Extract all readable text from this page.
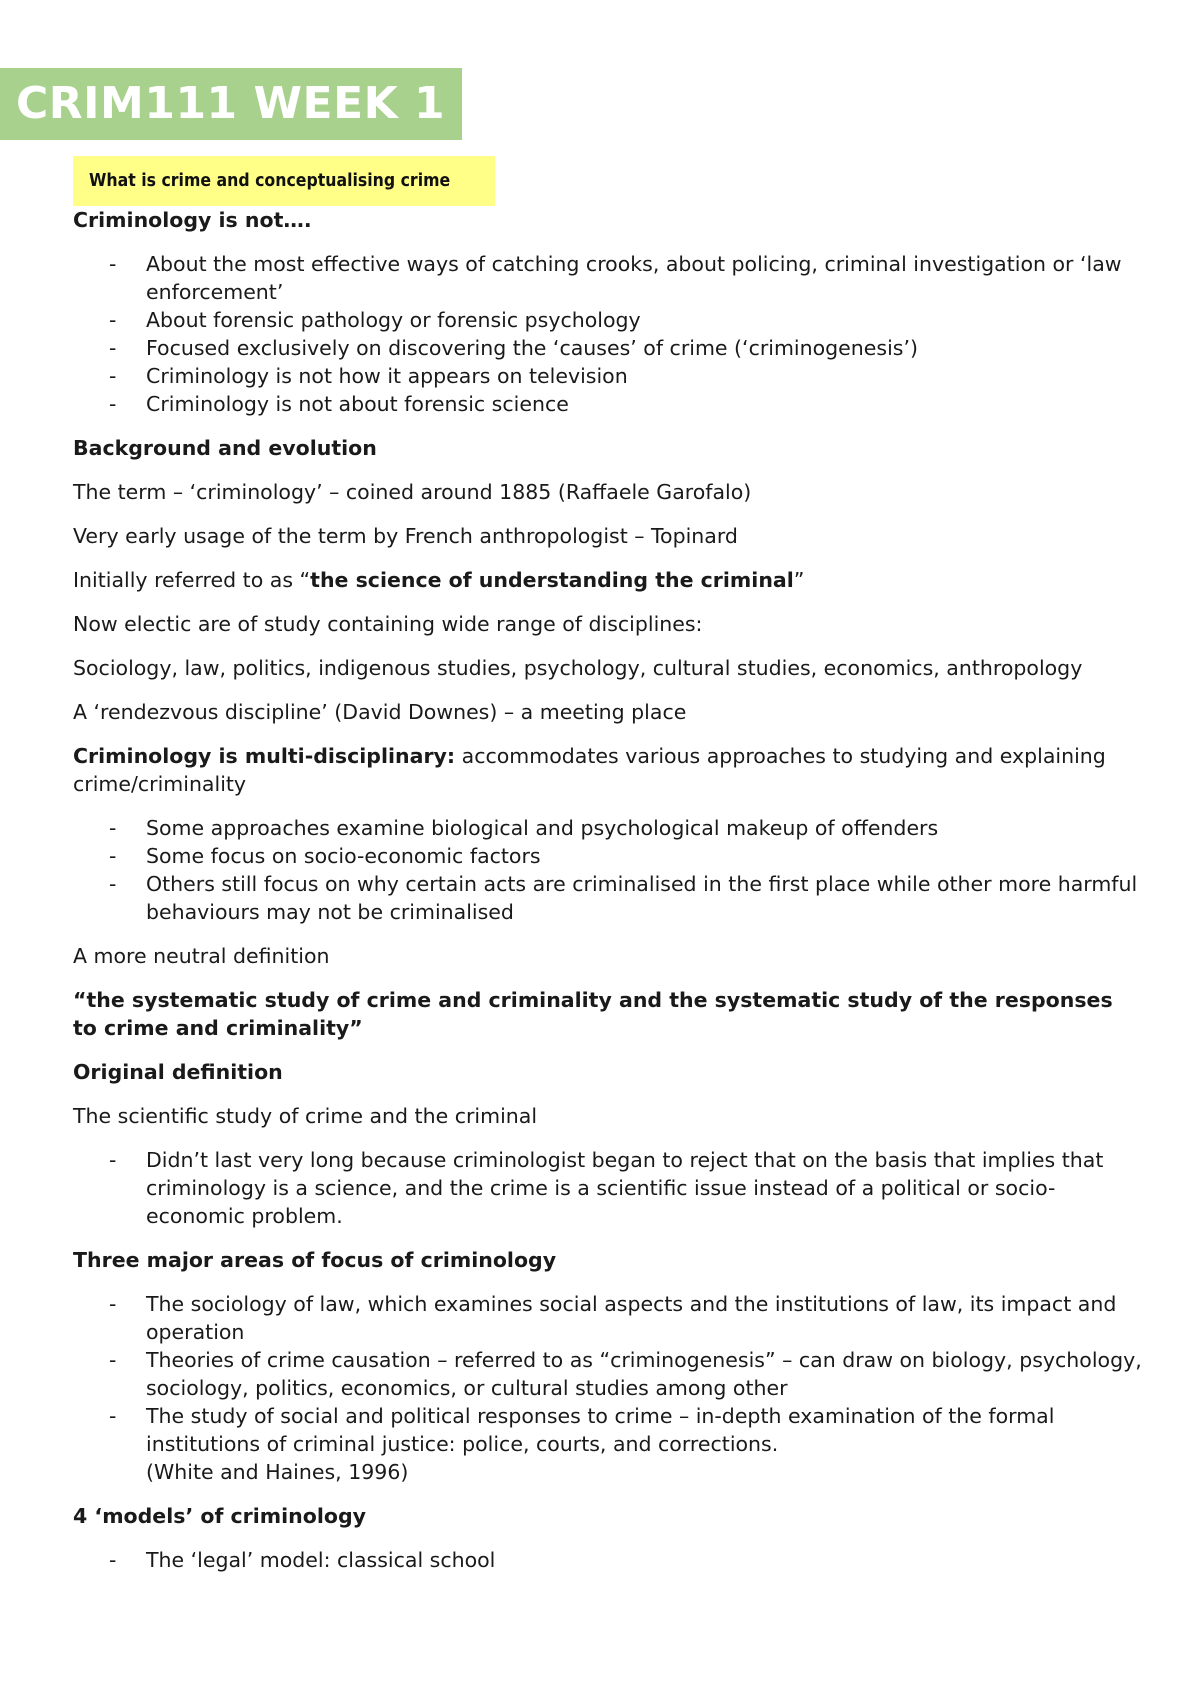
CRIM111 WEEK 1
What is crime and conceptualising crime

Criminology is not….

- About the most effective ways of catching crooks, about policing, criminal investigation or ‘law enforcement’
- About forensic pathology or forensic psychology
- Focused exclusively on discovering the ‘causes’ of crime (‘criminogenesis’)
- Criminology is not how it appears on television
- Criminology is not about forensic science

Background and evolution

The term – ‘criminology’ – coined around 1885 (Raffaele Garofalo)

Very early usage of the term by French anthropologist – Topinard

Initially referred to as “the science of understanding the criminal”

Now electic are of study containing wide range of disciplines:

Sociology, law, politics, indigenous studies, psychology, cultural studies, economics, anthropology

A ‘rendezvous discipline’ (David Downes) – a meeting place

Criminology is multi-disciplinary: accommodates various approaches to studying and explaining crime/criminality

- Some approaches examine biological and psychological makeup of offenders
- Some focus on socio-economic factors
- Others still focus on why certain acts are criminalised in the first place while other more harmful behaviours may not be criminalised

A more neutral definition

“the systematic study of crime and criminality and the systematic study of the responses to crime and criminality”

Original definition

The scientific study of crime and the criminal

- Didn’t last very long because criminologist began to reject that on the basis that implies that criminology is a science, and the crime is a scientific issue instead of a political or socio-economic problem.

Three major areas of focus of criminology

- The sociology of law, which examines social aspects and the institutions of law, its impact and operation
- Theories of crime causation – referred to as “criminogenesis” – can draw on biology, psychology, sociology, politics, economics, or cultural studies among other
- The study of social and political responses to crime – in-depth examination of the formal institutions of criminal justice: police, courts, and corrections.
(White and Haines, 1996)

4 ‘models’ of criminology

- The ‘legal’ model: classical school
